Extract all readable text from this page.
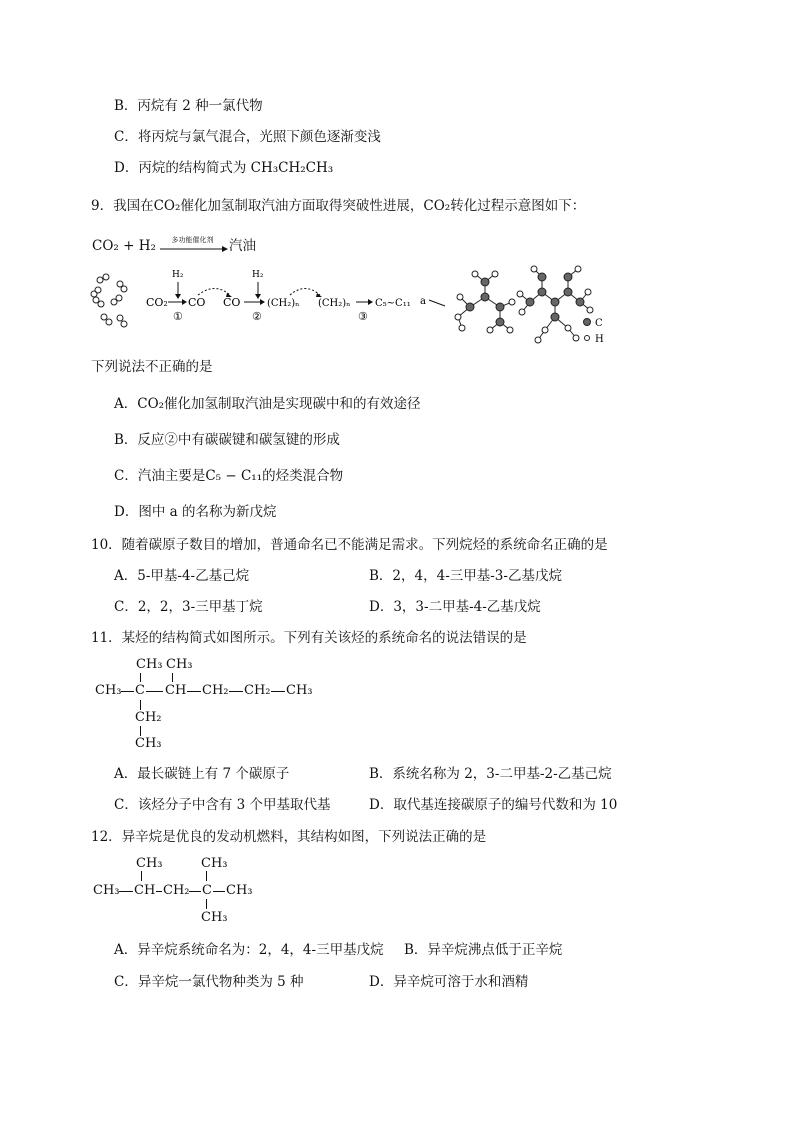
B．丙烷有 2 种一氯代物
C．将丙烷与氯气混合，光照下颜色逐渐变浅
D．丙烷的结构简式为 CH₃CH₂CH₃
9．我国在CO₂催化加氢制取汽油方面取得突破性进展，CO₂转化过程示意图如下：
CO₂ + H₂	多功能催化剂	汽油
CO₂
H₂
①
CO CO
H₂
②
(CH₂)ₙ (CH₂)ₙ
③
C₅~C₁₁ a
C
H
下列说法不正确的是
A．CO₂催化加氢制取汽油是实现碳中和的有效途径
B．反应②中有碳碳键和碳氢键的形成
C．汽油主要是C₅ − C₁₁的烃类混合物
D．图中 a 的名称为新戊烷
10．随着碳原子数目的增加，普通命名已不能满足需求。下列烷烃的系统命名正确的是
A．5-甲基-4-乙基己烷	B．2，4，4-三甲基-3-乙基戊烷
C．2，2，3-三甲基丁烷	D．3，3-二甲基-4-乙基戊烷
11．某烃的结构简式如图所示。下列有关该烃的系统命名的说法错误的是
CH₃ CH₃
CH₃ C CH CH₂ CH₂ CH₃
CH₂
CH₃
A．最长碳链上有 7 个碳原子	B．系统名称为 2，3-二甲基-2-乙基己烷
C．该烃分子中含有 3 个甲基取代基	D．取代基连接碳原子的编号代数和为 10
12．异辛烷是优良的发动机燃料，其结构如图，下列说法正确的是
CH₃	CH₃
CH₃ CH CH₂ C CH₃
CH₃
A．异辛烷系统命名为：2，4，4-三甲基戊烷 B．异辛烷沸点低于正辛烷
C．异辛烷一氯代物种类为 5 种	D．异辛烷可溶于水和酒精
